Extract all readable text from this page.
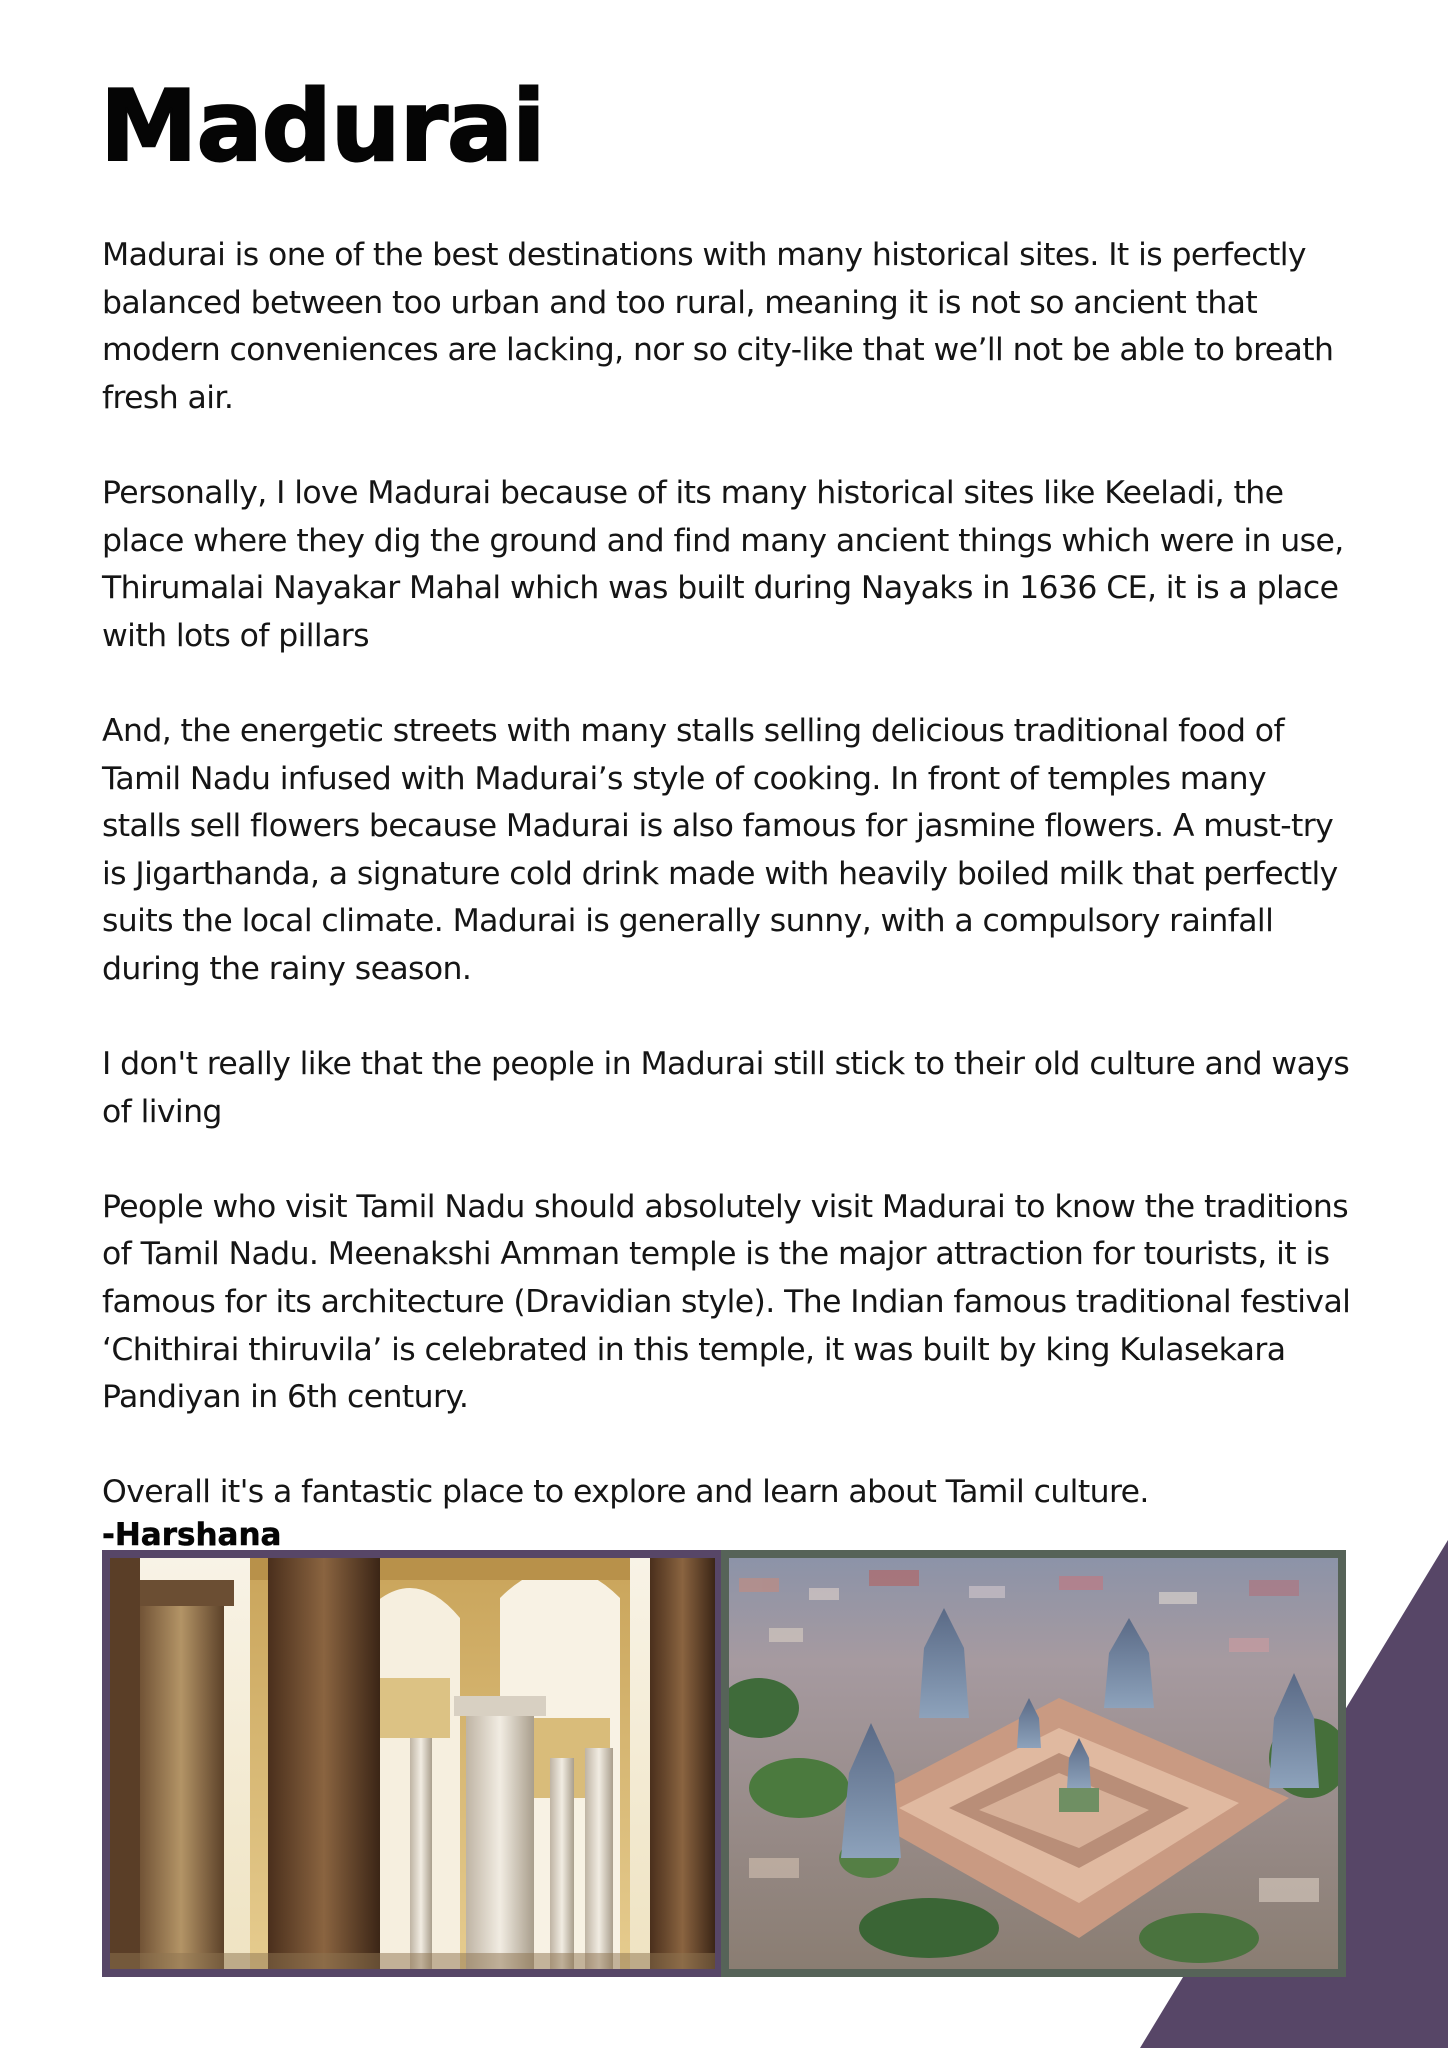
Madurai

Madurai is one of the best destinations with many historical sites. It is perfectly balanced between too urban and too rural, meaning it is not so ancient that modern conveniences are lacking, nor so city-like that we’ll not be able to breath fresh air.

Personally, I love Madurai because of its many historical sites like Keeladi, the place where they dig the ground and find many ancient things which were in use, Thirumalai Nayakar Mahal which was built during Nayaks in 1636 CE, it is a place with lots of pillars

And, the energetic streets with many stalls selling delicious traditional food of Tamil Nadu infused with Madurai’s style of cooking. In front of temples many stalls sell flowers because Madurai is also famous for jasmine flowers. A must-try is Jigarthanda, a signature cold drink made with heavily boiled milk that perfectly suits the local climate. Madurai is generally sunny, with a compulsory rainfall during the rainy season.

I don't really like that the people in Madurai still stick to their old culture and ways of living

People who visit Tamil Nadu should absolutely visit Madurai to know the traditions of Tamil Nadu. Meenakshi Amman temple is the major attraction for tourists, it is famous for its architecture (Dravidian style). The Indian famous traditional festival ‘Chithirai thiruvila’ is celebrated in this temple, it was built by king Kulasekara Pandiyan in 6th century.

Overall it's a fantastic place to explore and learn about Tamil culture.

-Harshana
